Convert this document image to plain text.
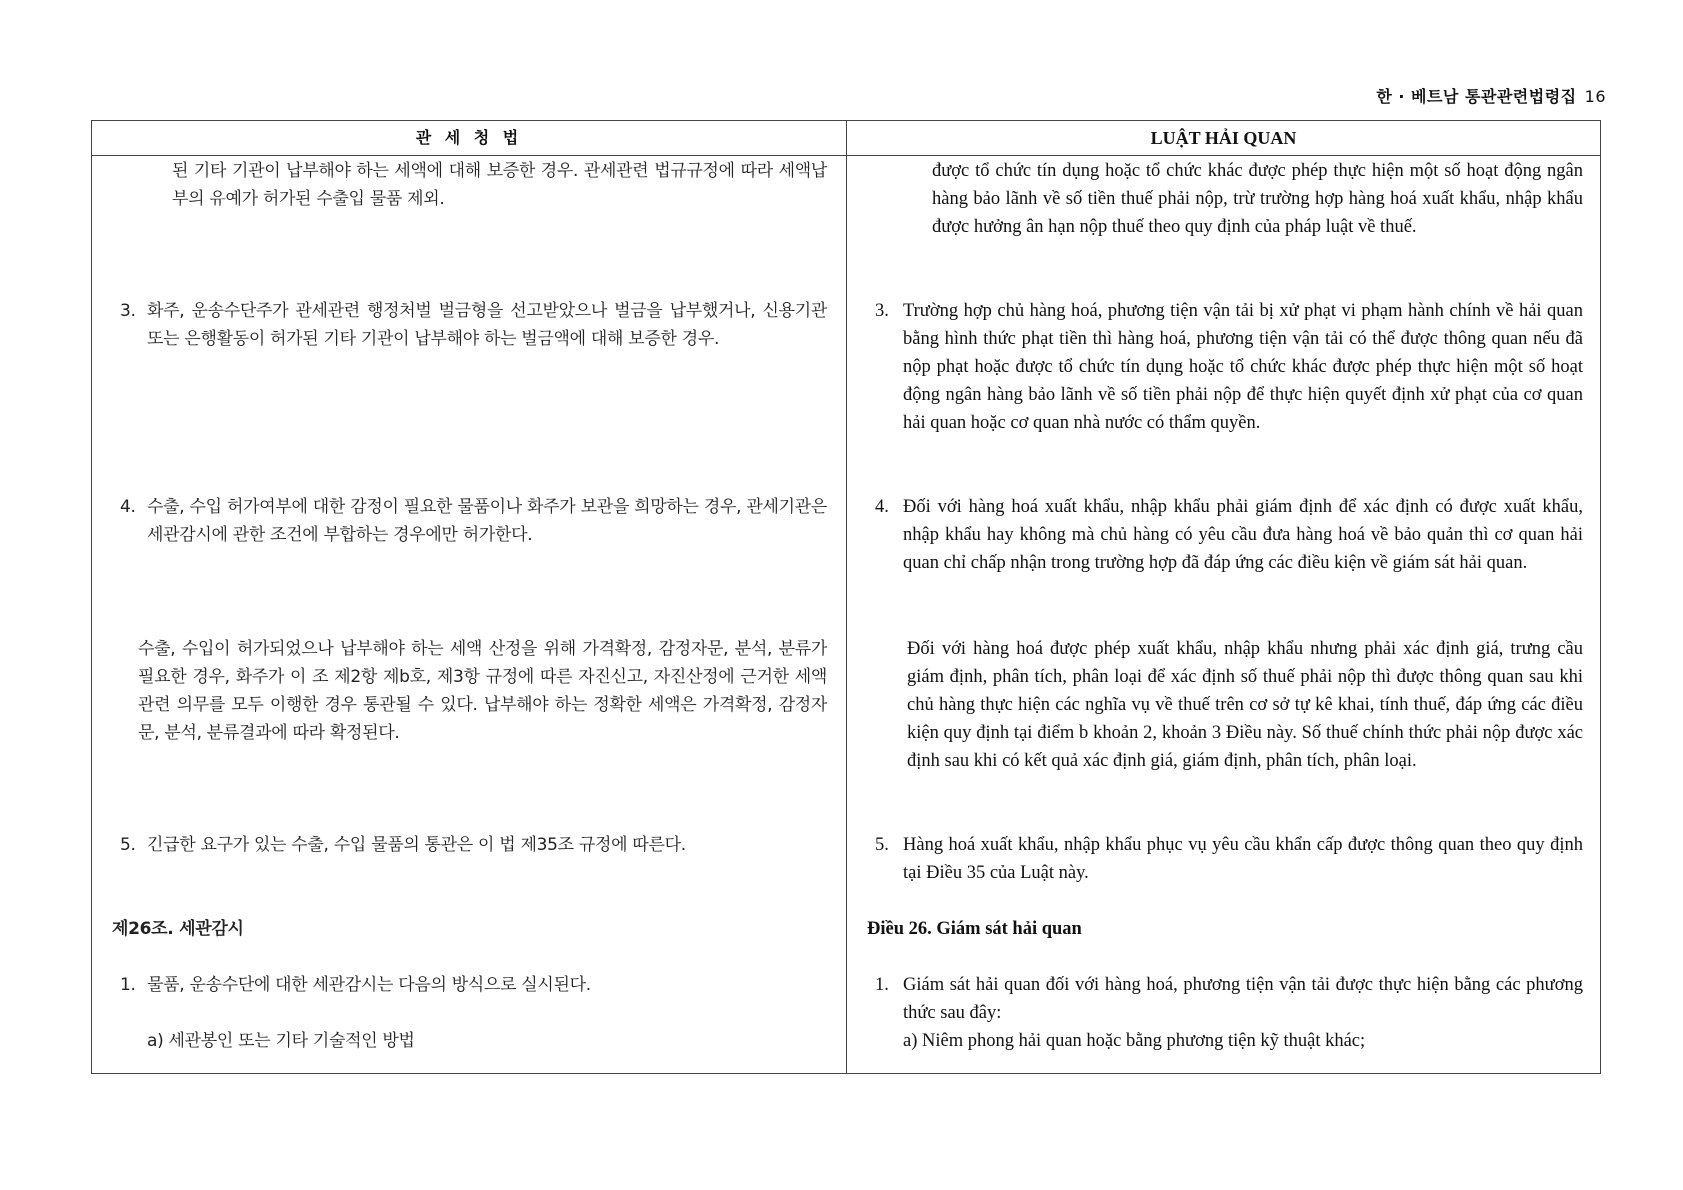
한 · 베트남 통관관련법령집 16
관 세 청 법	LUẬT HẢI QUAN
된 기타 기관이 납부해야 하는 세액에 대해 보증한 경우. 관세관련 법규규정에 따라 세액납부의 유예가 허가된 수출입 물품 제외.
3. 화주, 운송수단주가 관세관련 행정처벌 벌금형을 선고받았으나 벌금을 납부했거나, 신용기관 또는 은행활동이 허가된 기타 기관이 납부해야 하는 벌금액에 대해 보증한 경우.
4. 수출, 수입 허가여부에 대한 감정이 필요한 물품이나 화주가 보관을 희망하는 경우, 관세기관은 세관감시에 관한 조건에 부합하는 경우에만 허가한다.
수출, 수입이 허가되었으나 납부해야 하는 세액 산정을 위해 가격확정, 감정자문, 분석, 분류가 필요한 경우, 화주가 이 조 제2항 제b호, 제3항 규정에 따른 자진신고, 자진산정에 근거한 세액관련 의무를 모두 이행한 경우 통관될 수 있다. 납부해야 하는 정확한 세액은 가격확정, 감정자문, 분석, 분류결과에 따라 확정된다.
5. 긴급한 요구가 있는 수출, 수입 물품의 통관은 이 법 제35조 규정에 따른다.
제26조. 세관감시
1. 물품, 운송수단에 대한 세관감시는 다음의 방식으로 실시된다.
a) 세관봉인 또는 기타 기술적인 방법
được tổ chức tín dụng hoặc tổ chức khác được phép thực hiện một số hoạt động ngân hàng bảo lãnh về số tiền thuế phải nộp, trừ trường hợp hàng hoá xuất khẩu, nhập khẩu được hưởng ân hạn nộp thuế theo quy định của pháp luật về thuế.
3. Trường hợp chủ hàng hoá, phương tiện vận tải bị xử phạt vi phạm hành chính về hải quan bằng hình thức phạt tiền thì hàng hoá, phương tiện vận tải có thể được thông quan nếu đã nộp phạt hoặc được tổ chức tín dụng hoặc tổ chức khác được phép thực hiện một số hoạt động ngân hàng bảo lãnh về số tiền phải nộp để thực hiện quyết định xử phạt của cơ quan hải quan hoặc cơ quan nhà nước có thẩm quyền.
4. Đối với hàng hoá xuất khẩu, nhập khẩu phải giám định để xác định có được xuất khẩu, nhập khẩu hay không mà chủ hàng có yêu cầu đưa hàng hoá về bảo quản thì cơ quan hải quan chỉ chấp nhận trong trường hợp đã đáp ứng các điều kiện về giám sát hải quan.
Đối với hàng hoá được phép xuất khẩu, nhập khẩu nhưng phải xác định giá, trưng cầu giám định, phân tích, phân loại để xác định số thuế phải nộp thì được thông quan sau khi chủ hàng thực hiện các nghĩa vụ về thuế trên cơ sở tự kê khai, tính thuế, đáp ứng các điều kiện quy định tại điểm b khoản 2, khoản 3 Điều này. Số thuế chính thức phải nộp được xác định sau khi có kết quả xác định giá, giám định, phân tích, phân loại.
5. Hàng hoá xuất khẩu, nhập khẩu phục vụ yêu cầu khẩn cấp được thông quan theo quy định tại Điều 35 của Luật này.
Điều 26. Giám sát hải quan
1. Giám sát hải quan đối với hàng hoá, phương tiện vận tải được thực hiện bằng các phương thức sau đây:
a) Niêm phong hải quan hoặc bằng phương tiện kỹ thuật khác;
